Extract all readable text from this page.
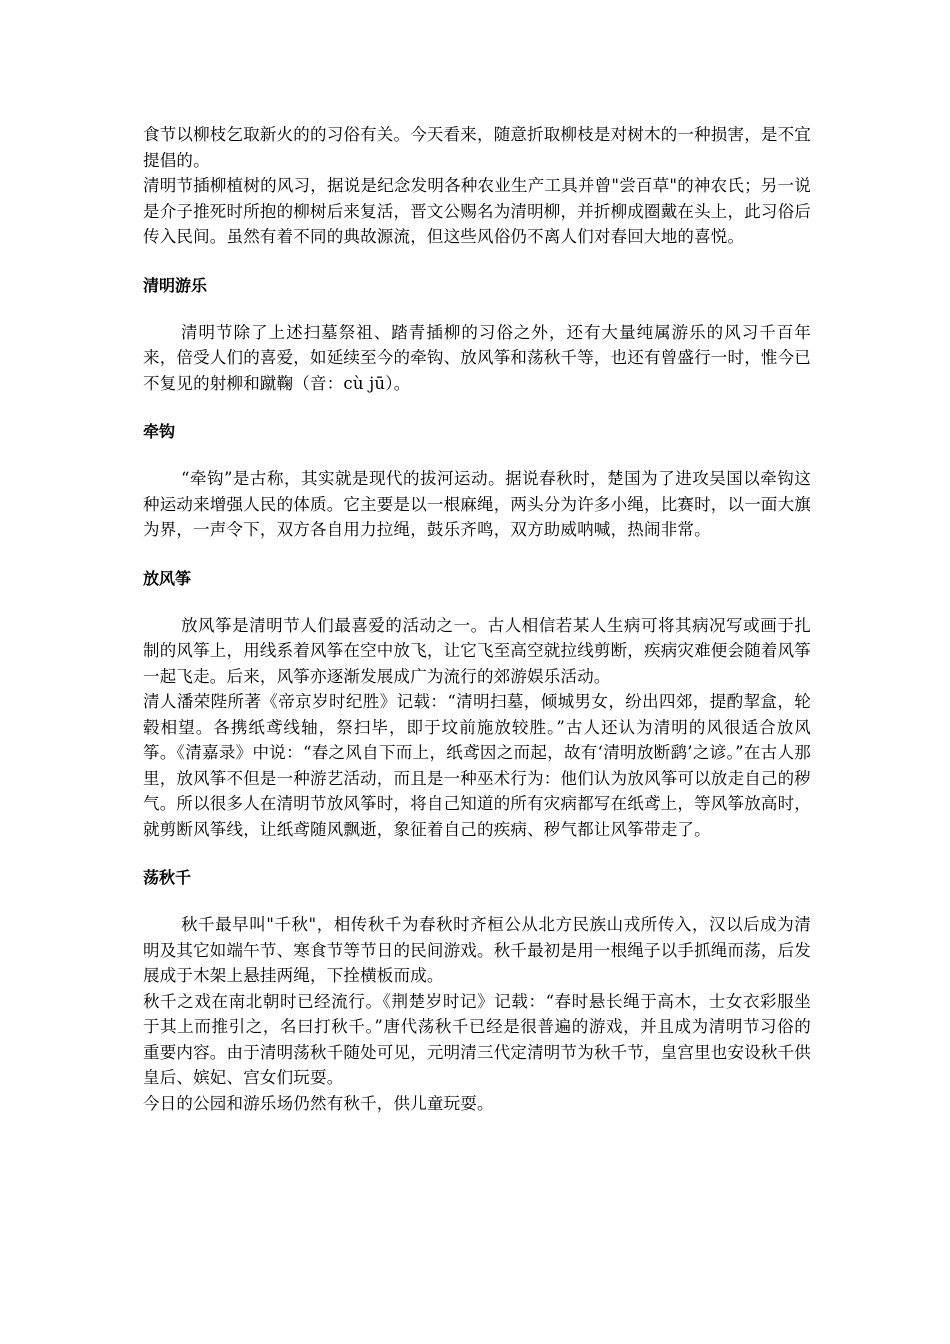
食节以柳枝乞取新火的的习俗有关。今天看来，随意折取柳枝是对树木的一种损害，是不宜提倡的。

清明节插柳植树的风习，据说是纪念发明各种农业生产工具并曾"尝百草"的神农氏；另一说是介子推死时所抱的柳树后来复活，晋文公赐名为清明柳，并折柳成圈戴在头上，此习俗后传入民间。虽然有着不同的典故源流，但这些风俗仍不离人们对春回大地的喜悦。

清明游乐

清明节除了上述扫墓祭祖、踏青插柳的习俗之外，还有大量纯属游乐的风习千百年来，倍受人们的喜爱，如延续至今的牵钩、放风筝和荡秋千等，也还有曾盛行一时，惟今已不复见的射柳和蹴鞠（音：cù jū）。

牵钩

“牵钩”是古称，其实就是现代的拔河运动。据说春秋时，楚国为了进攻吴国以牵钩这种运动来增强人民的体质。它主要是以一根麻绳，两头分为许多小绳，比赛时，以一面大旗为界，一声令下，双方各自用力拉绳，鼓乐齐鸣，双方助威呐喊，热闹非常。

放风筝

放风筝是清明节人们最喜爱的活动之一。古人相信若某人生病可将其病况写或画于扎制的风筝上，用线系着风筝在空中放飞，让它飞至高空就拉线剪断，疾病灾难便会随着风筝一起飞走。后来，风筝亦逐渐发展成广为流行的郊游娱乐活动。

清人潘荣陛所著《帝京岁时纪胜》记载：“清明扫墓，倾城男女，纷出四郊，提酌挈盒，轮毂相望。各携纸鸢线轴，祭扫毕，即于坟前施放较胜。”古人还认为清明的风很适合放风筝。《清嘉录》中说：“春之风自下而上，纸鸢因之而起，故有‘清明放断鹞’之谚。”在古人那里，放风筝不但是一种游艺活动，而且是一种巫术行为：他们认为放风筝可以放走自己的秽气。所以很多人在清明节放风筝时，将自己知道的所有灾病都写在纸鸢上，等风筝放高时，就剪断风筝线，让纸鸢随风飘逝，象征着自己的疾病、秽气都让风筝带走了。

荡秋千

秋千最早叫"千秋"，相传秋千为春秋时齐桓公从北方民族山戎所传入，汉以后成为清明及其它如端午节、寒食节等节日的民间游戏。秋千最初是用一根绳子以手抓绳而荡，后发展成于木架上悬挂两绳，下拴横板而成。

秋千之戏在南北朝时已经流行。《荆楚岁时记》记载：“春时悬长绳于高木，士女衣彩服坐于其上而推引之，名曰打秋千。”唐代荡秋千已经是很普遍的游戏，并且成为清明节习俗的重要内容。由于清明荡秋千随处可见，元明清三代定清明节为秋千节，皇宫里也安设秋千供皇后、嫔妃、宫女们玩耍。

今日的公园和游乐场仍然有秋千，供儿童玩耍。
